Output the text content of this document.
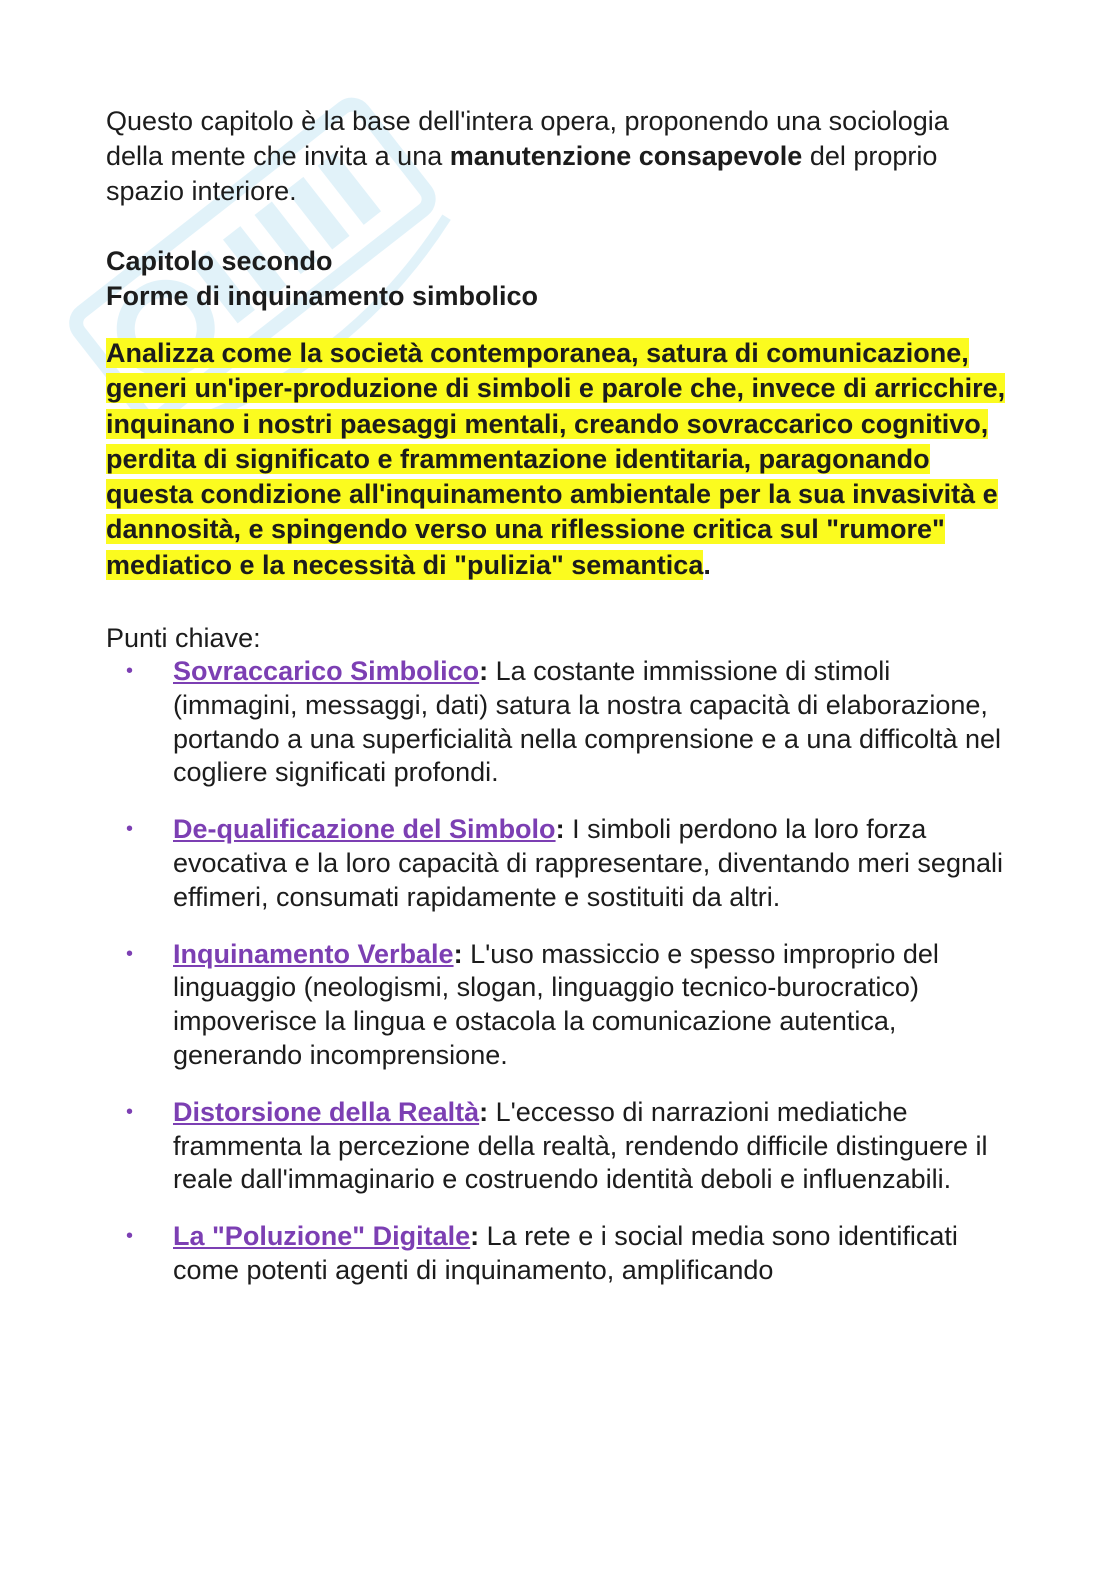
Questo capitolo è la base dell'intera opera, proponendo una sociologia della mente che invita a una manutenzione consapevole del proprio spazio interiore.

Capitolo secondo
Forme di inquinamento simbolico

Analizza come la società contemporanea, satura di comunicazione, generi un'iper-produzione di simboli e parole che, invece di arricchire, inquinano i nostri paesaggi mentali, creando sovraccarico cognitivo, perdita di significato e frammentazione identitaria, paragonando questa condizione all'inquinamento ambientale per la sua invasività e dannosità, e spingendo verso una riflessione critica sul "rumore" mediatico e la necessità di "pulizia" semantica.

Punti chiave:

• Sovraccarico Simbolico: La costante immissione di stimoli (immagini, messaggi, dati) satura la nostra capacità di elaborazione, portando a una superficialità nella comprensione e a una difficoltà nel cogliere significati profondi.
• De-qualificazione del Simbolo: I simboli perdono la loro forza evocativa e la loro capacità di rappresentare, diventando meri segnali effimeri, consumati rapidamente e sostituiti da altri.
• Inquinamento Verbale: L'uso massiccio e spesso improprio del linguaggio (neologismi, slogan, linguaggio tecnico-burocratico) impoverisce la lingua e ostacola la comunicazione autentica, generando incomprensione.
• Distorsione della Realtà: L'eccesso di narrazioni mediatiche frammenta la percezione della realtà, rendendo difficile distinguere il reale dall'immaginario e costruendo identità deboli e influenzabili.
• La "Poluzione" Digitale: La rete e i social media sono identificati come potenti agenti di inquinamento, amplificando
